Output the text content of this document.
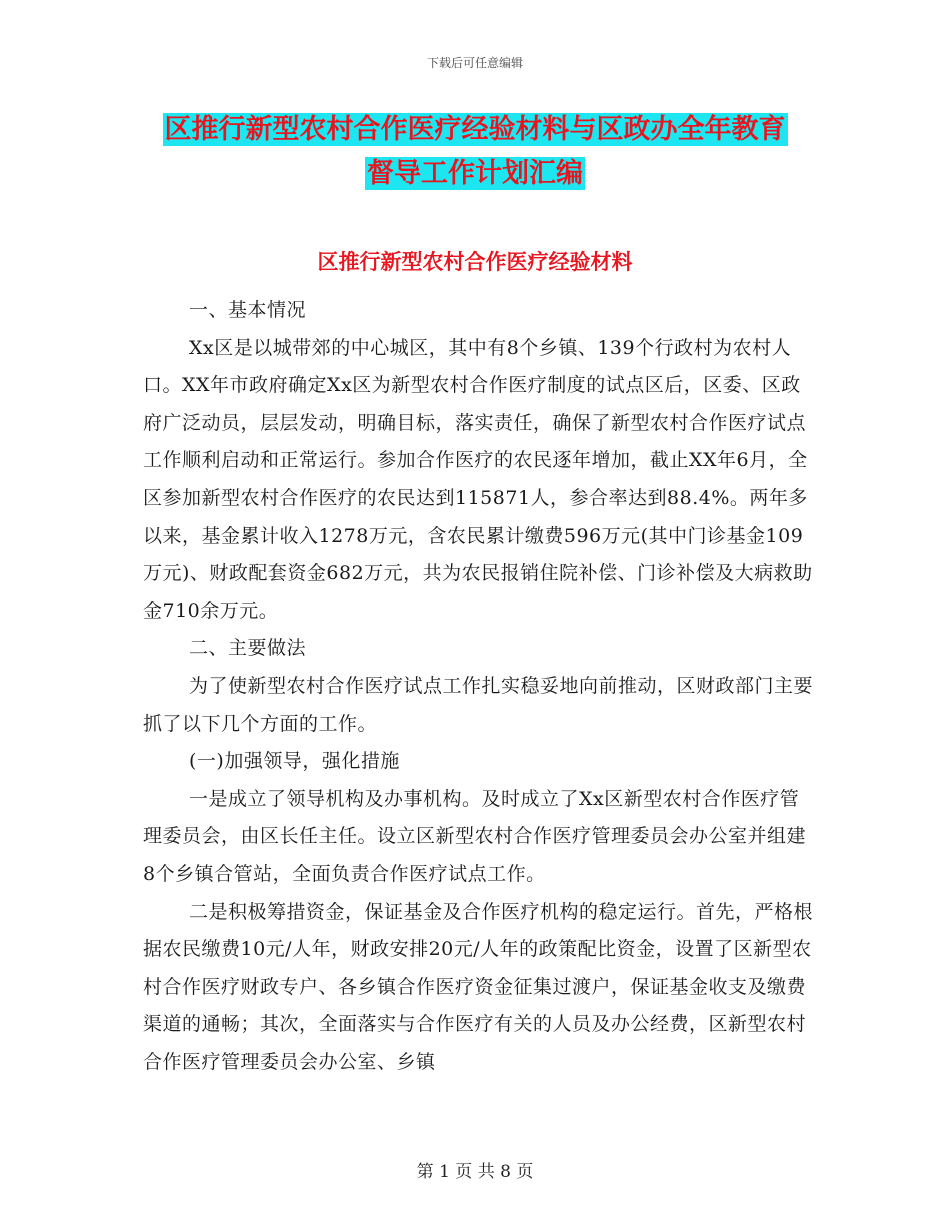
下载后可任意编辑
区推行新型农村合作医疗经验材料与区政办全年教育
督导工作计划汇编
区推行新型农村合作医疗经验材料

一、基本情况

Xx区是以城带郊的中心城区，其中有8个乡镇、139个行政村为农村人口。XX年市政府确定Xx区为新型农村合作医疗制度的试点区后，区委、区政府广泛动员，层层发动，明确目标，落实责任，确保了新型农村合作医疗试点工作顺利启动和正常运行。参加合作医疗的农民逐年增加，截止XX年6月，全区参加新型农村合作医疗的农民达到115871人，参合率达到88.4%。两年多以来，基金累计收入1278万元，含农民累计缴费596万元(其中门诊基金109万元)、财政配套资金682万元，共为农民报销住院补偿、门诊补偿及大病救助金710余万元。

二、主要做法

为了使新型农村合作医疗试点工作扎实稳妥地向前推动，区财政部门主要抓了以下几个方面的工作。

(一)加强领导，强化措施

一是成立了领导机构及办事机构。及时成立了Xx区新型农村合作医疗管理委员会，由区长任主任。设立区新型农村合作医疗管理委员会办公室并组建8个乡镇合管站，全面负责合作医疗试点工作。

二是积极筹措资金，保证基金及合作医疗机构的稳定运行。首先，严格根据农民缴费10元/人年，财政安排20元/人年的政策配比资金，设置了区新型农村合作医疗财政专户、各乡镇合作医疗资金征集过渡户，保证基金收支及缴费渠道的通畅；其次，全面落实与合作医疗有关的人员及办公经费，区新型农村合作医疗管理委员会办公室、乡镇

第 1 页 共 8 页
